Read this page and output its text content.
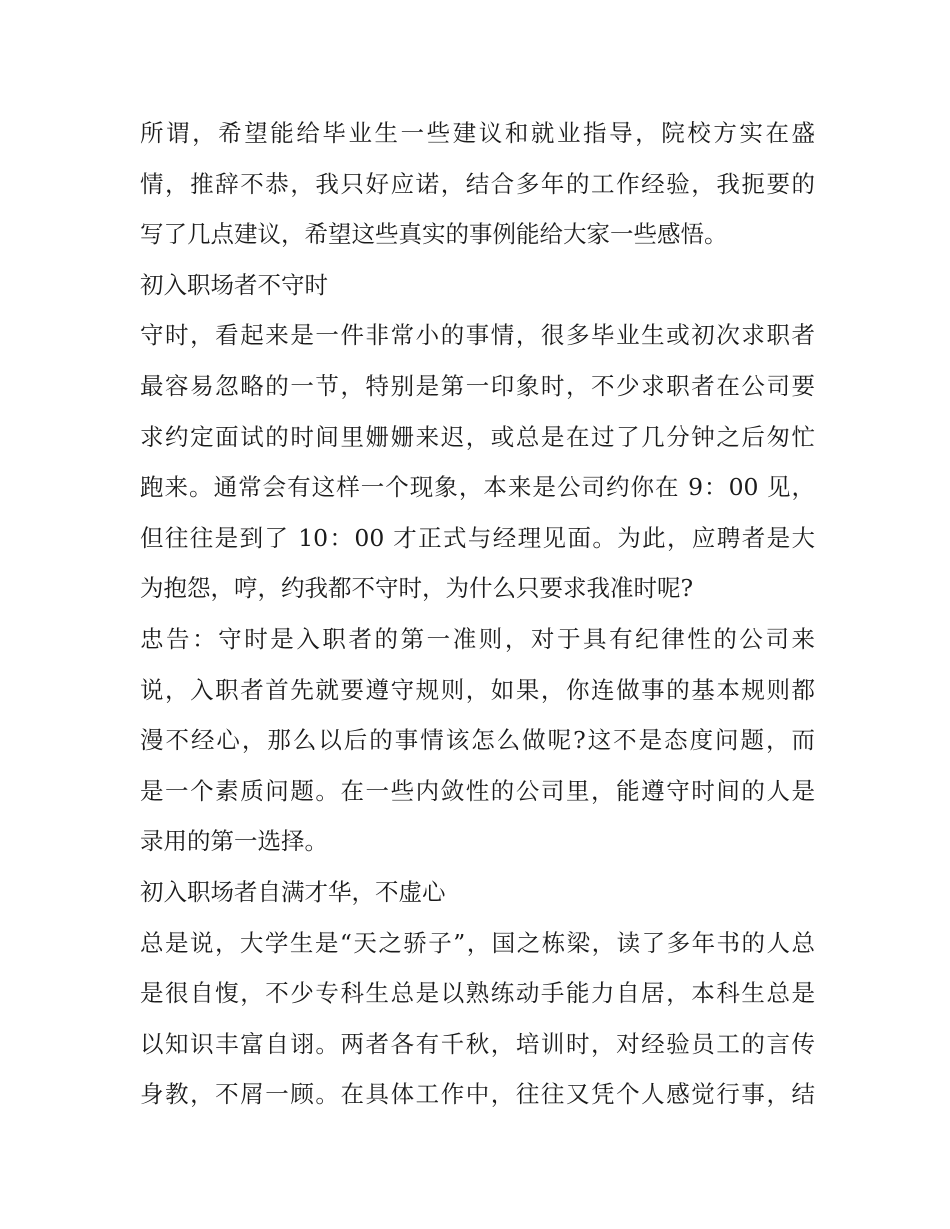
所谓，希望能给毕业生一些建议和就业指导，院校方实在盛
情，推辞不恭，我只好应诺，结合多年的工作经验，我扼要的
写了几点建议，希望这些真实的事例能给大家一些感悟。
初入职场者不守时
守时，看起来是一件非常小的事情，很多毕业生或初次求职者
最容易忽略的一节，特别是第一印象时，不少求职者在公司要
求约定面试的时间里姗姗来迟，或总是在过了几分钟之后匆忙
跑来。通常会有这样一个现象，本来是公司约你在 9：00 见，
但往往是到了 10：00 才正式与经理见面。为此，应聘者是大
为抱怨，哼，约我都不守时，为什么只要求我准时呢?
忠告：守时是入职者的第一准则，对于具有纪律性的公司来
说，入职者首先就要遵守规则，如果，你连做事的基本规则都
漫不经心，那么以后的事情该怎么做呢?这不是态度问题，而
是一个素质问题。在一些内敛性的公司里，能遵守时间的人是
录用的第一选择。
初入职场者自满才华，不虚心
总是说，大学生是“天之骄子”，国之栋梁，读了多年书的人总
是很自愎，不少专科生总是以熟练动手能力自居，本科生总是
以知识丰富自诩。两者各有千秋，培训时，对经验员工的言传
身教，不屑一顾。在具体工作中，往往又凭个人感觉行事，结
